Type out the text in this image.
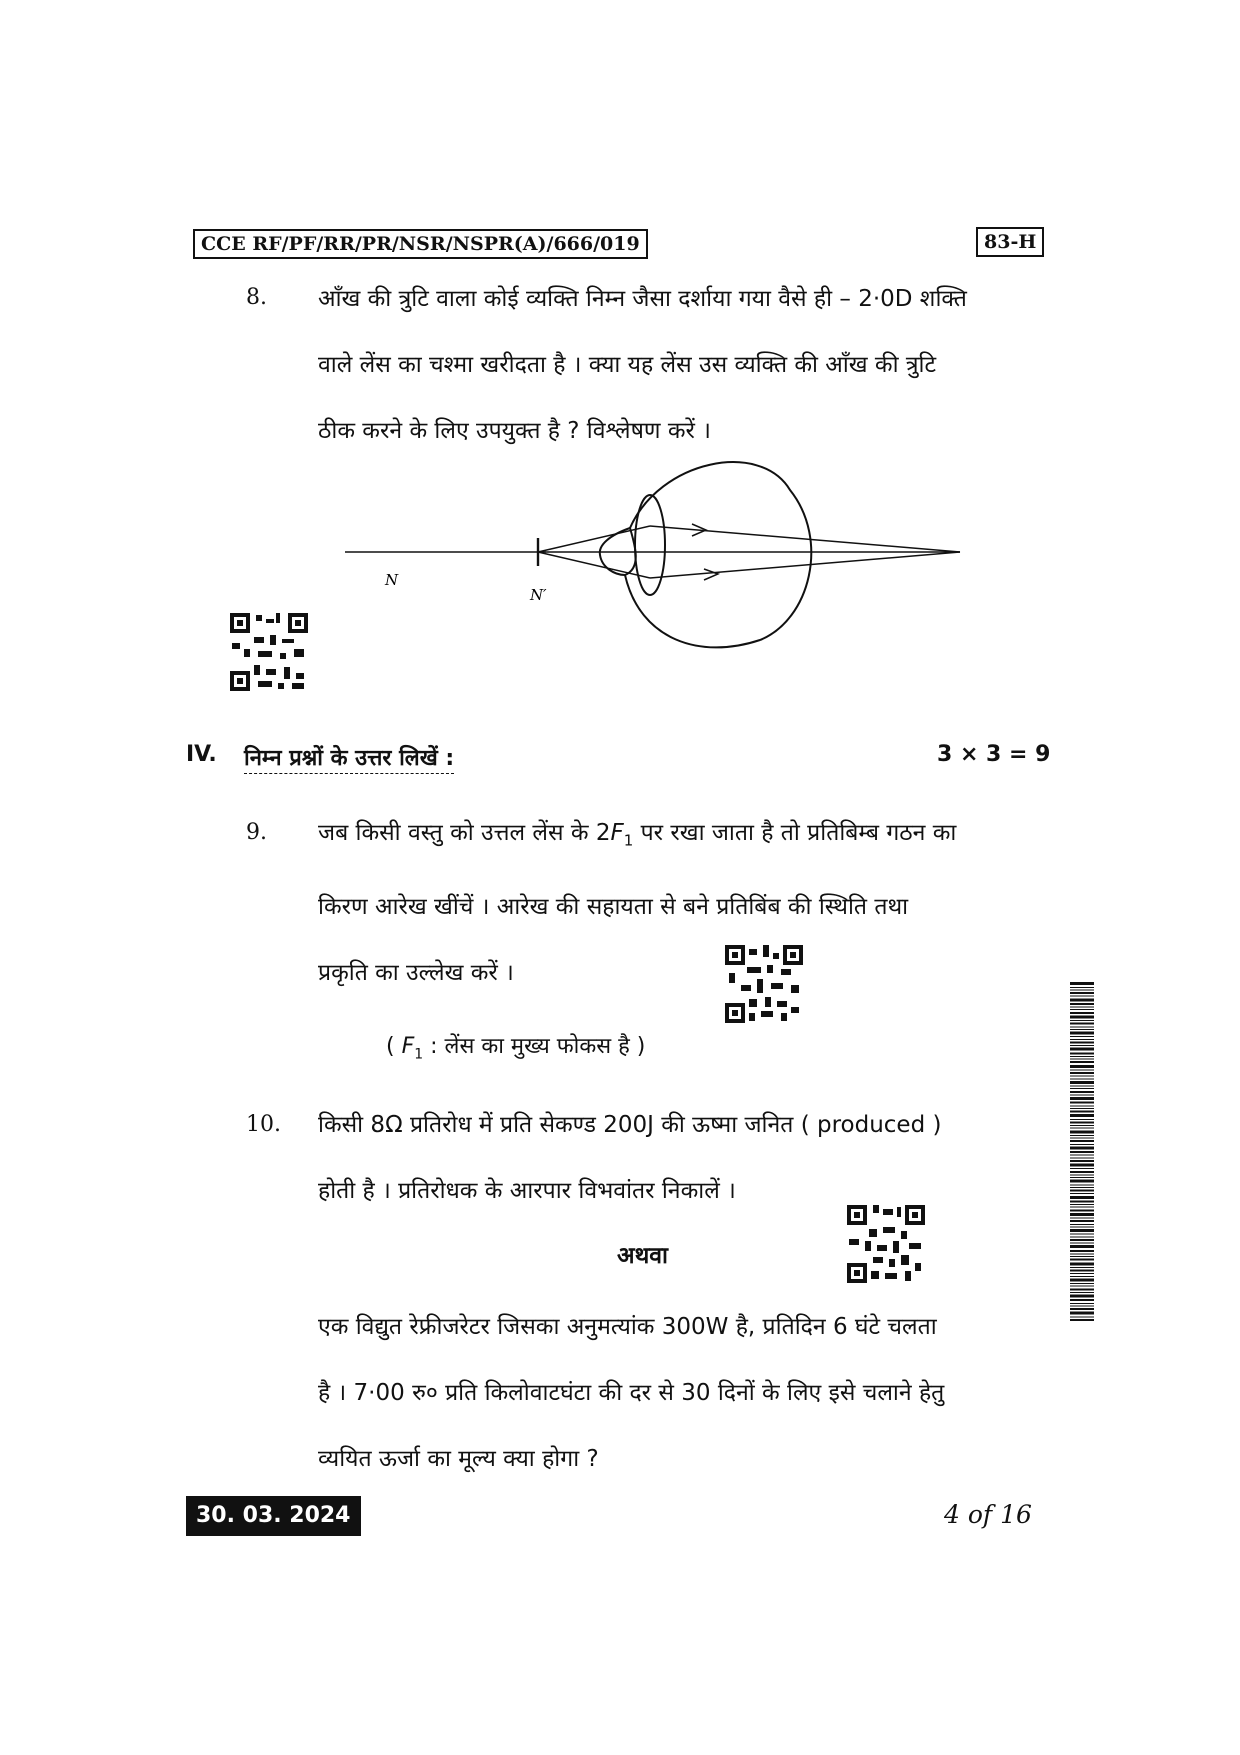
CCE RF/PF/RR/PR/NSR/NSPR(A)/666/019	83-H
8. आँख की त्रुटि वाला कोई व्यक्ति निम्न जैसा दर्शाया गया वैसे ही – 2·0D शक्ति
वाले लेंस का चश्मा खरीदता है । क्या यह लेंस उस व्यक्ति की आँख की त्रुटि
ठीक करने के लिए उपयुक्त है ? विश्लेषण करें ।
N
N′
IV. निम्न प्रश्नों के उत्तर लिखें :	3 × 3 = 9
9. जब किसी वस्तु को उत्तल लेंस के $2F_1$ पर रखा जाता है तो प्रतिबिम्ब गठन का
किरण आरेख खींचें । आरेख की सहायता से बने प्रतिबिंब की स्थिति तथा
प्रकृति का उल्लेख करें ।
( $F_1$ : लेंस का मुख्य फोकस है )
10. किसी 8Ω प्रतिरोध में प्रति सेकण्ड 200J की ऊष्मा जनित ( produced )
होती है । प्रतिरोधक के आरपार विभवांतर निकालें ।
अथवा
एक विद्युत रेफ्रीजरेटर जिसका अनुमत्यांक 300W है, प्रतिदिन 6 घंटे चलता
है । 7·00 रु० प्रति किलोवाटघंटा की दर से 30 दिनों के लिए इसे चलाने हेतु
व्ययित ऊर्जा का मूल्य क्या होगा ?
30. 03. 2024	4 of 16
